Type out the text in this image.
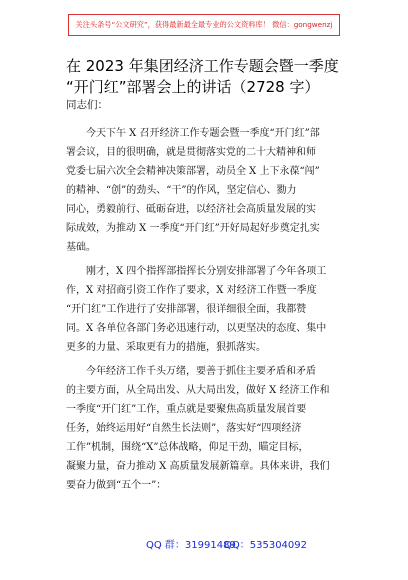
关注头条号“公文研究”，获得最新最全最专业的公文资料库！ 微信：gongwenzj
在 2023 年集团经济工作专题会暨一季度
“开门红”部署会上的讲话（2728 字）
同志们：
今天下午 X 召开经济工作专题会暨一季度“开门红”部
署会议，目的很明确，就是贯彻落实党的二十大精神和师
党委七届六次全会精神决策部署，动员全 X 上下永葆“闯”
的精神、“创”的劲头、“干”的作风，坚定信心、勠力
同心，勇毅前行、砥砺奋进，以经济社会高质量发展的实
际成效，为推动 X 一季度“开门红”开好局起好步奠定扎实
基础。
刚才，X 四个指挥部指挥长分别安排部署了今年各项工
作，X 对招商引资工作作了要求，X 对经济工作暨一季度
“开门红”工作进行了安排部署，很详细很全面，我都赞
同。X 各单位各部门务必迅速行动，以更坚决的态度、集中
更多的力量、采取更有力的措施，狠抓落实。
今年经济工作千头万绪，要善于抓住主要矛盾和矛盾
的主要方面，从全局出发、从大局出发，做好 X 经济工作和
一季度“开门红”工作，重点就是要聚焦高质量发展首要
任务，始终运用好“自然生长法则”，落实好“四项经济
工作”机制，围绕“X”总体战略，仰足干劲，瞄定目标，
凝聚力量，奋力推动 X 高质量发展新篇章。具体来讲，我们
要奋力做到“五个一”：
QQ 群：31991489
QQ：535304092
